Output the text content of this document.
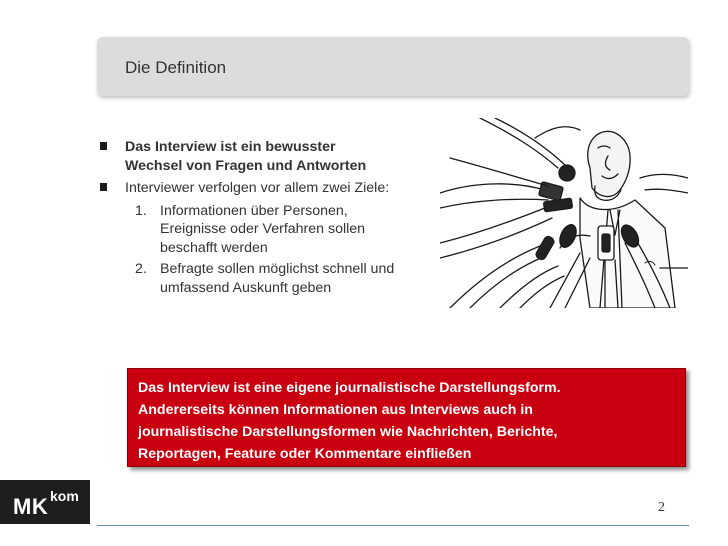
Die Definition
Das Interview ist ein bewusster
Wechsel von Fragen und Antworten
Interviewer verfolgen vor allem zwei Ziele:
1. Informationen über Personen,
Ereignisse oder Verfahren sollen
beschafft werden
2. Befragte sollen möglichst schnell und
umfassend Auskunft geben
Das Interview ist eine eigene journalistische Darstellungsform.
Andererseits können Informationen aus Interviews auch in
journalistische Darstellungsformen wie Nachrichten, Berichte,
Reportagen, Feature oder Kommentare einfließen
MK kom
2
